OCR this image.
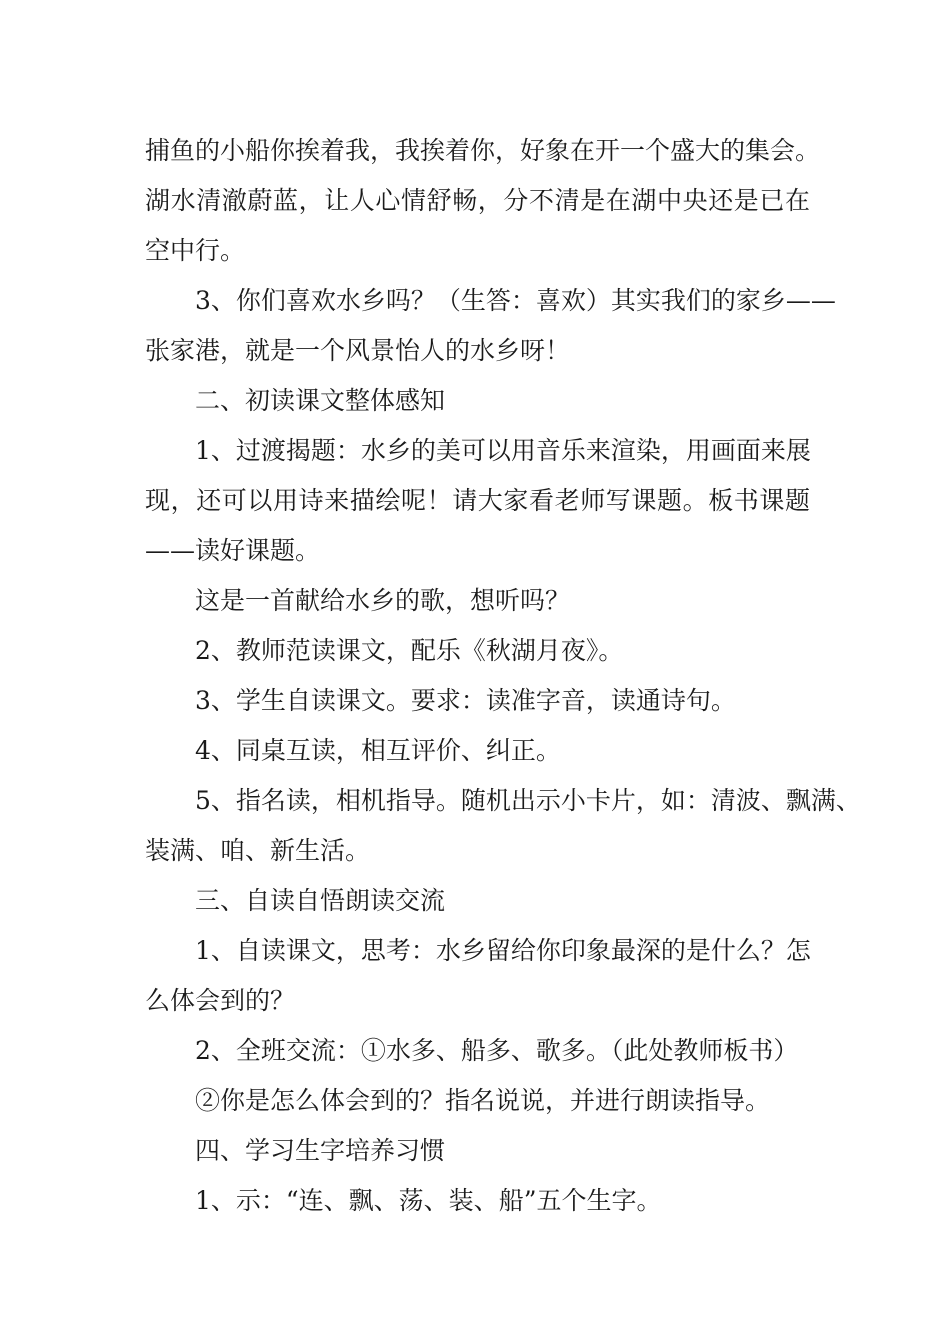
捕鱼的小船你挨着我，我挨着你，好象在开一个盛大的集会。
湖水清澈蔚蓝，让人心情舒畅，分不清是在湖中央还是已在
空中行。
3、你们喜欢水乡吗？（生答：喜欢）其实我们的家乡——
张家港，就是一个风景怡人的水乡呀！
二、初读课文整体感知
1、过渡揭题：水乡的美可以用音乐来渲染，用画面来展
现，还可以用诗来描绘呢！请大家看老师写课题。板书课题
——读好课题。
这是一首献给水乡的歌，想听吗？
2、教师范读课文，配乐《秋湖月夜》。
3、学生自读课文。要求：读准字音，读通诗句。
4、同桌互读，相互评价、纠正。
5、指名读，相机指导。随机出示小卡片，如：清波、飘满、
装满、咱、新生活。
三、自读自悟朗读交流
1、自读课文，思考：水乡留给你印象最深的是什么？怎
么体会到的？
2、全班交流：①水多、船多、歌多。（此处教师板书）
②你是怎么体会到的？指名说说，并进行朗读指导。
四、学习生字培养习惯
1、示：“连、飘、荡、装、船”五个生字。
